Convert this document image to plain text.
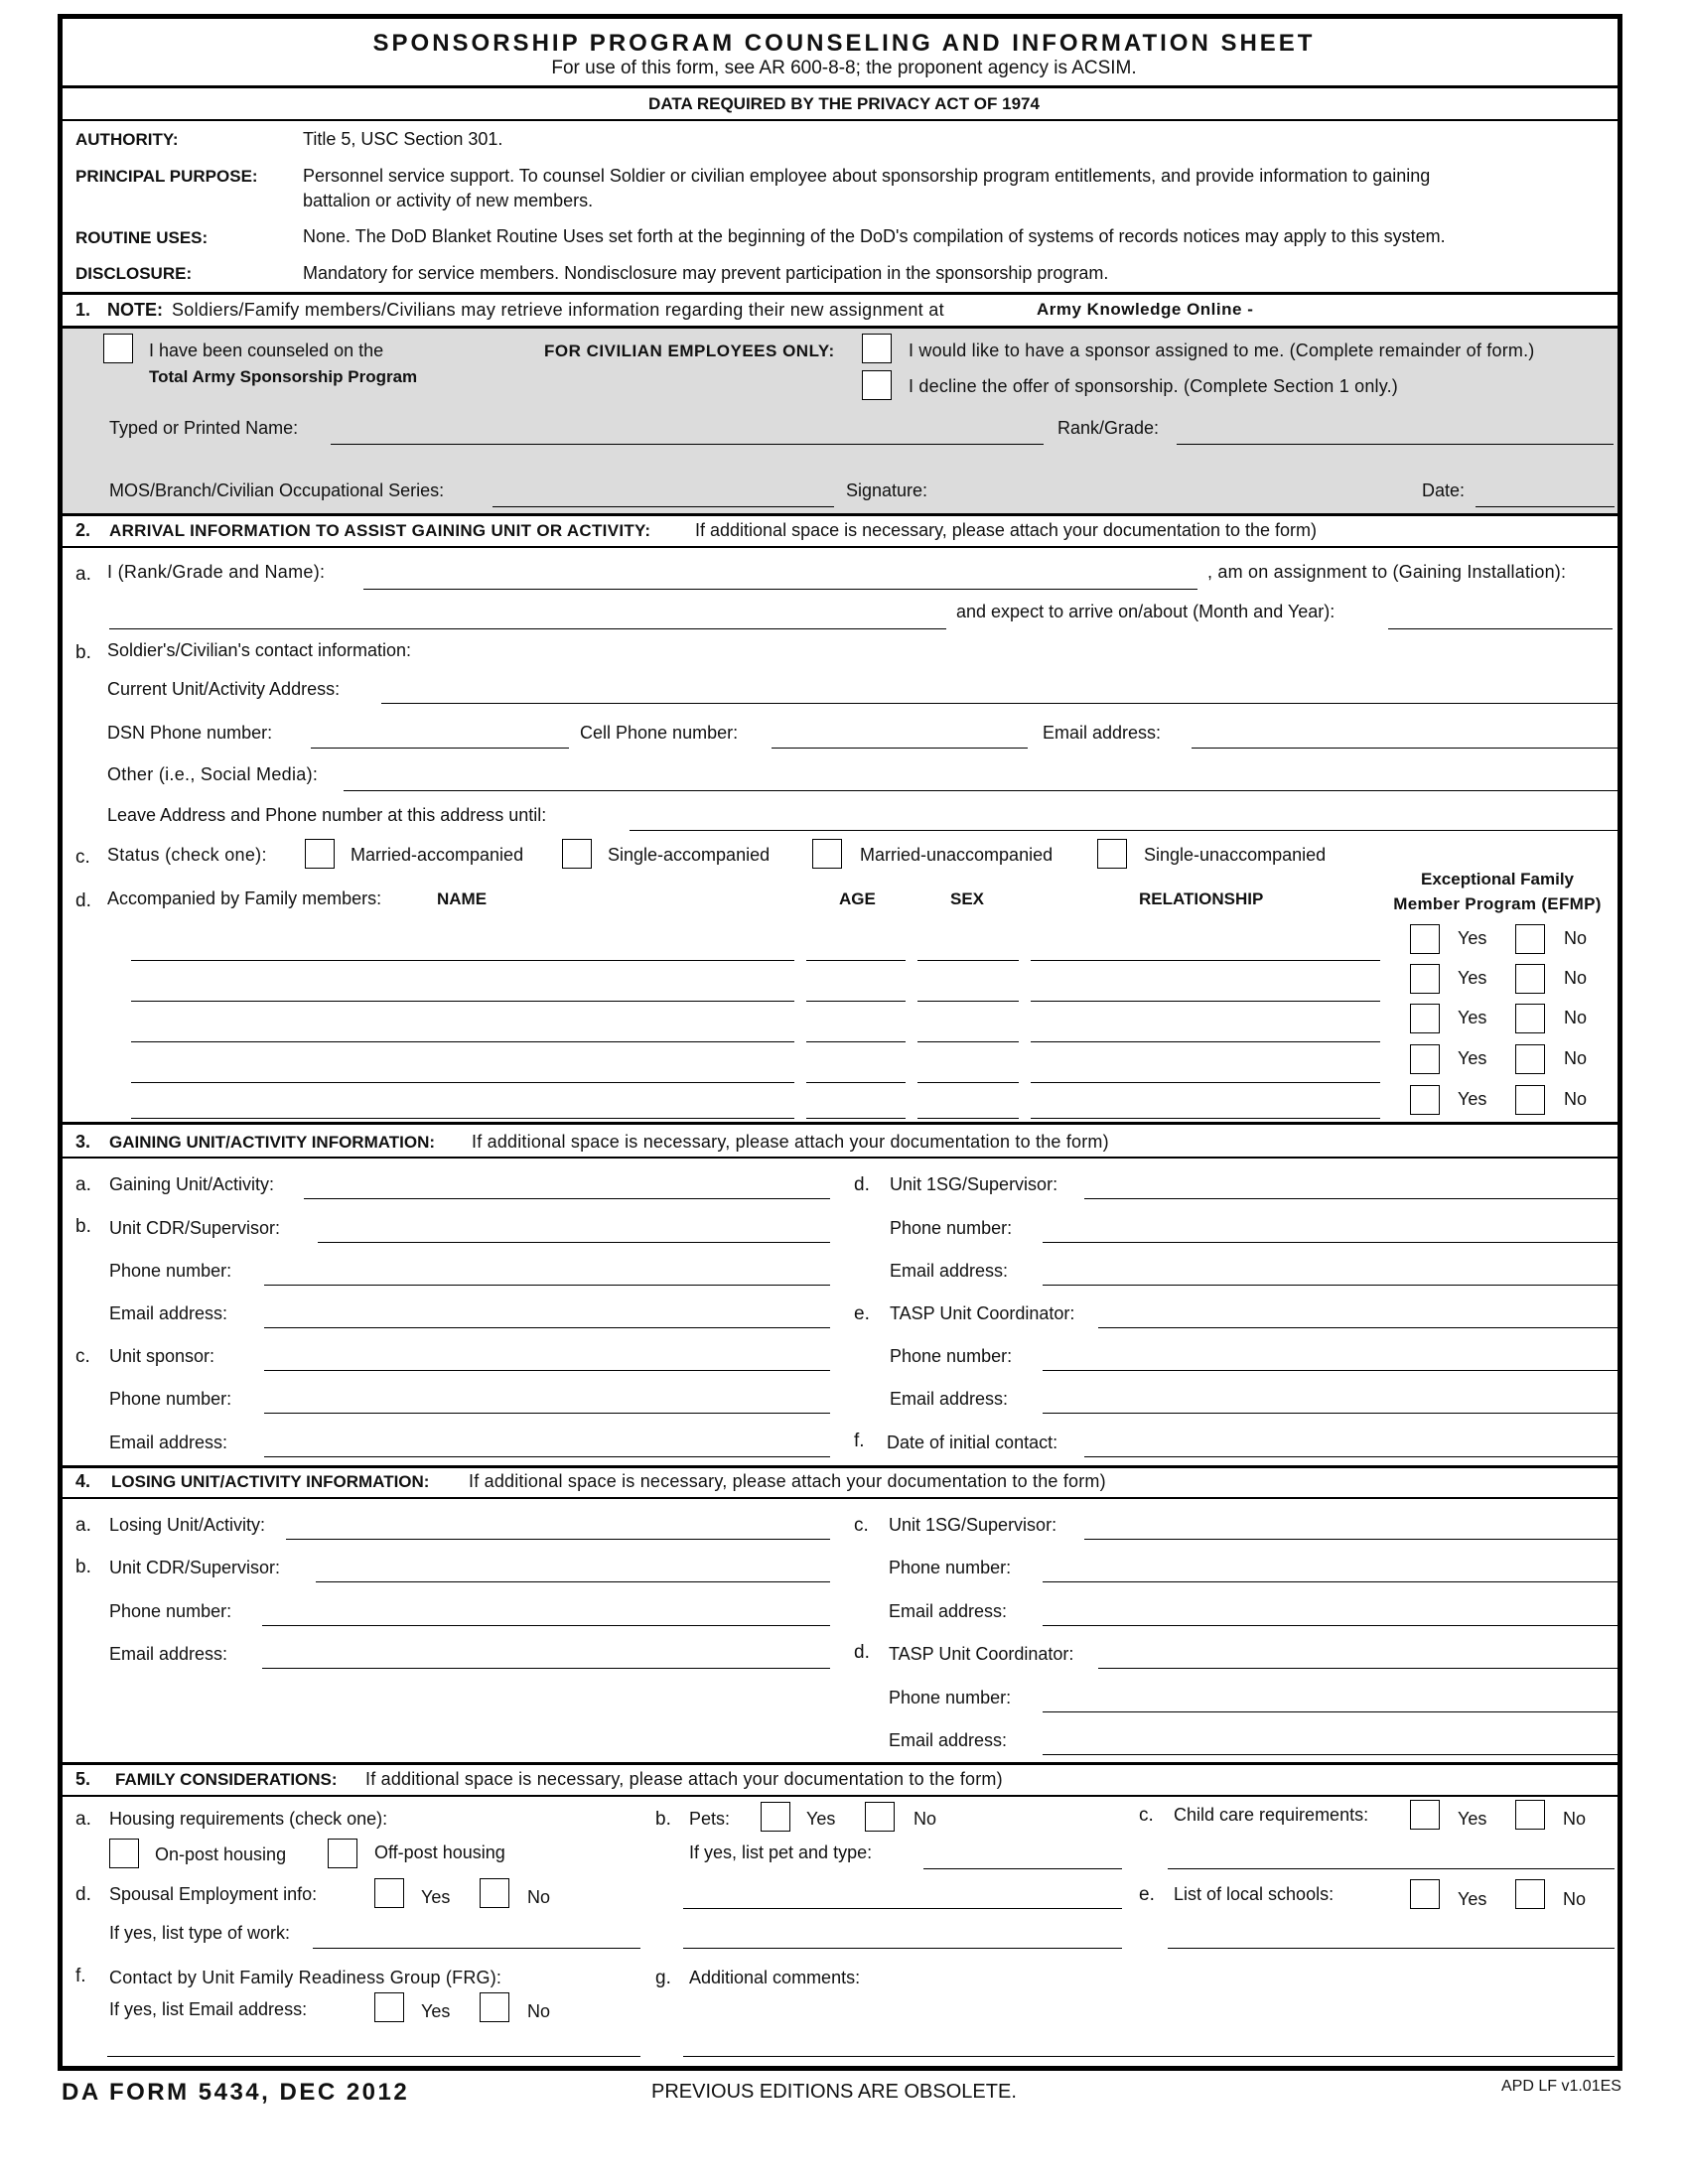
SPONSORSHIP PROGRAM COUNSELING AND INFORMATION SHEET
For use of this form, see AR 600-8-8; the proponent agency is ACSIM.
DATA REQUIRED BY THE PRIVACY ACT OF 1974
AUTHORITY:	Title 5, USC Section 301.
PRINCIPAL PURPOSE:	Personnel service support. To counsel Soldier or civilian employee about sponsorship program entitlements, and provide information to gaining
battalion or activity of new members.
ROUTINE USES:	None. The DoD Blanket Routine Uses set forth at the beginning of the DoD's compilation of systems of records notices may apply to this system.
DISCLOSURE:	Mandatory for service members. Nondisclosure may prevent participation in the sponsorship program.
1. NOTE: Soldiers/Famify members/Civilians may retrieve information regarding their new assignment at	Army Knowledge Online -
I have been counseled on the
Total Army Sponsorship Program
FOR CIVILIAN EMPLOYEES ONLY:	I would like to have a sponsor assigned to me. (Complete remainder of form.)
I decline the offer of sponsorship. (Complete Section 1 only.)
Typed or Printed Name:	Rank/Grade:
MOS/Branch/Civilian Occupational Series:	Signature:	Date:
2. ARRIVAL INFORMATION TO ASSIST GAINING UNIT OR ACTIVITY: If additional space is necessary, please attach your documentation to the form)
a. I (Rank/Grade and Name):	, am on assignment to (Gaining Installation):
and expect to arrive on/about (Month and Year):
b. Soldier's/Civilian's contact information:
Current Unit/Activity Address:
DSN Phone number:	Cell Phone number:	Email address:
Other (i.e., Social Media):
Leave Address and Phone number at this address until:
c. Status (check one):	Married-accompanied	Single-accompanied	Married-unaccompanied	Single-unaccompanied
d. Accompanied by Family members:	NAME	AGE	SEX	RELATIONSHIP
Exceptional Family
Member Program (EFMP)
Yes	No
Yes	No
Yes	No
Yes	No
Yes	No
3. GAINING UNIT/ACTIVITY INFORMATION: If additional space is necessary, please attach your documentation to the form)
a. Gaining Unit/Activity:
b. Unit CDR/Supervisor:
Phone number:
Email address:
c. Unit sponsor:
Phone number:
Email address:
d. Unit 1SG/Supervisor:
Phone number:
Email address:
e. TASP Unit Coordinator:
Phone number:
Email address:
f. Date of initial contact:
4. LOSING UNIT/ACTIVITY INFORMATION: If additional space is necessary, please attach your documentation to the form)
a. Losing Unit/Activity:
b. Unit CDR/Supervisor:
Phone number:
Email address:
c. Unit 1SG/Supervisor:
Phone number:
Email address:
d. TASP Unit Coordinator:
Phone number:
Email address:
5. FAMILY CONSIDERATIONS: If additional space is necessary, please attach your documentation to the form)
a. Housing requirements (check one):
On-post housing	Off-post housing
b. Pets:	Yes	No
If yes, list pet and type:
c. Child care requirements:	Yes	No
d. Spousal Employment info:	Yes	No
If yes, list type of work:
e. List of local schools:	Yes	No
f. Contact by Unit Family Readiness Group (FRG):
If yes, list Email address:	Yes	No
g. Additional comments:
DA FORM 5434, DEC 2012	PREVIOUS EDITIONS ARE OBSOLETE.	APD LF v1.01ES
